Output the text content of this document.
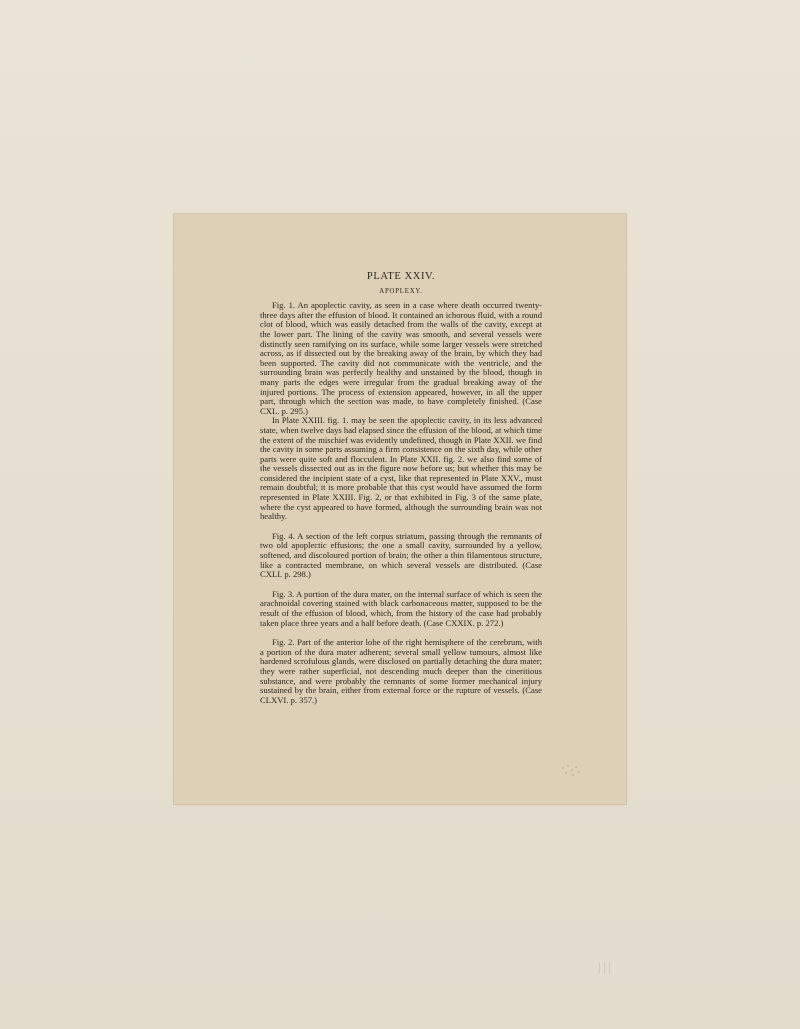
PLATE XXIV.
APOPLEXY.

Fig. 1. An apoplectic cavity, as seen in a case where death occurred twenty-three days after the effusion of blood. It contained an ichorous fluid, with a round clot of blood, which was easily detached from the walls of the cavity, except at the lower part. The lining of the cavity was smooth, and several vessels were distinctly seen ramifying on its surface, while some larger vessels were stretched across, as if dissected out by the breaking away of the brain, by which they had been supported. The cavity did not communicate with the ventricle, and the surrounding brain was perfectly healthy and unstained by the blood, though in many parts the edges were irregular from the gradual breaking away of the injured portions. The process of extension appeared, however, in all the upper part, through which the section was made, to have completely finished. (Case CXL. p. 295.)

In Plate XXIII. fig. 1. may be seen the apoplectic cavity, in its less advanced state, when twelve days had elapsed since the effusion of the blood, at which time the extent of the mischief was evidently undefined, though in Plate XXII. we find the cavity in some parts assuming a firm consistence on the sixth day, while other parts were quite soft and flocculent. In Plate XXII. fig. 2. we also find some of the vessels dissected out as in the figure now before us; but whether this may be considered the incipient state of a cyst, like that represented in Plate XXV., must remain doubtful; it is more probable that this cyst would have assumed the form represented in Plate XXIII. Fig. 2, or that exhibited in Fig. 3 of the same plate, where the cyst appeared to have formed, although the surrounding brain was not healthy.

Fig. 4. A section of the left corpus striatum, passing through the remnants of two old apoplectic effusions; the one a small cavity, surrounded by a yellow, softened, and discoloured portion of brain; the other a thin filamentous structure, like a contracted membrane, on which several vessels are distributed. (Case CXLI. p. 298.)

Fig. 3. A portion of the dura mater, on the internal surface of which is seen the arachnoidal covering stained with black carbonaceous matter, supposed to be the result of the effusion of blood, which, from the history of the case had probably taken place three years and a half before death. (Case CXXIX. p. 272.)

Fig. 2. Part of the anterior lobe of the right hemisphere of the cerebrum, with a portion of the dura mater adherent; several small yellow tumours, almost like hardened scrofulous glands, were disclosed on partially detaching the dura mater; they were rather superficial, not descending much deeper than the cineritious substance, and were probably the remnants of some former mechanical injury sustained by the brain, either from external force or the rupture of vessels. (Case CLXVI. p. 357.)
